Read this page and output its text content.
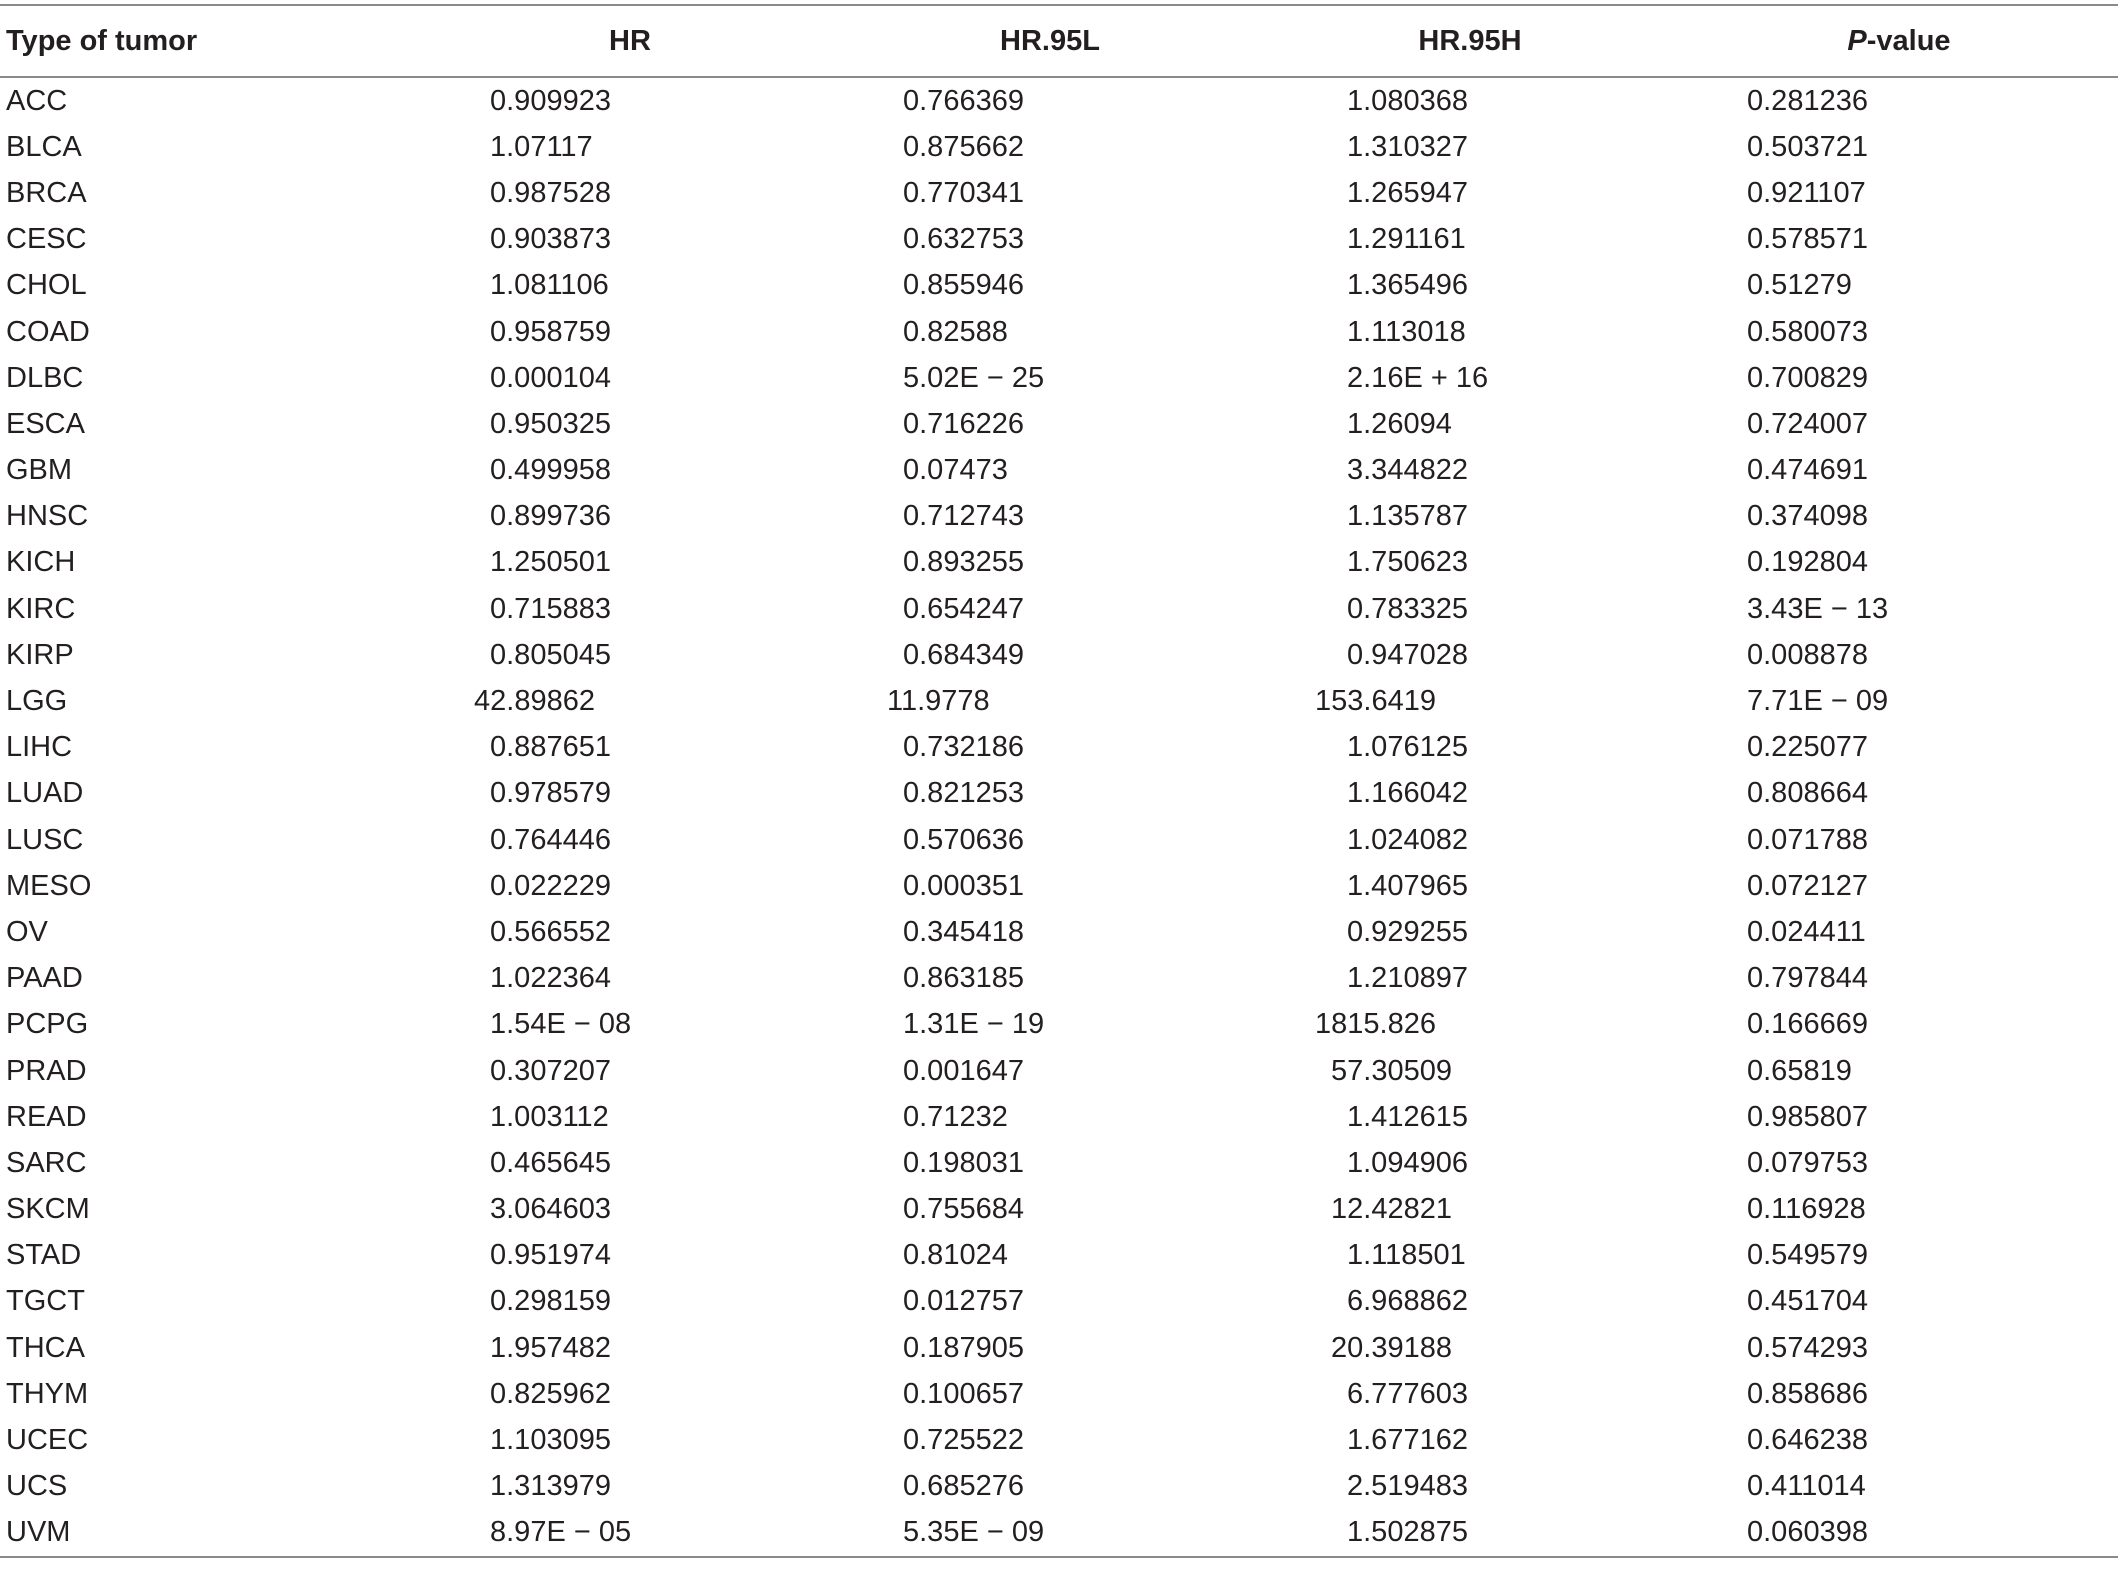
Type of tumor	HR	HR.95L	HR.95H	P-value
ACC	0.909923	0.766369	1.080368	0.281236

BLCA	1.07117	0.875662	1.310327	0.503721

BRCA	0.987528	0.770341	1.265947	0.921107

CESC	0.903873	0.632753	1.291161	0.578571

CHOL	1.081106	0.855946	1.365496	0.51279

COAD	0.958759	0.82588	1.113018	0.580073

DLBC	0.000104	5.02E − 25	2.16E + 16	0.700829

ESCA	0.950325	0.716226	1.26094	0.724007

GBM	0.499958	0.07473	3.344822	0.474691

HNSC	0.899736	0.712743	1.135787	0.374098

KICH	1.250501	0.893255	1.750623	0.192804

KIRC	0.715883	0.654247	0.783325	3.43E − 13

KIRP	0.805045	0.684349	0.947028	0.008878

LGG	42.89862	11.9778	153.6419	7.71E − 09

LIHC	0.887651	0.732186	1.076125	0.225077

LUAD	0.978579	0.821253	1.166042	0.808664

LUSC	0.764446	0.570636	1.024082	0.071788

MESO	0.022229	0.000351	1.407965	0.072127

OV	0.566552	0.345418	0.929255	0.024411

PAAD	1.022364	0.863185	1.210897	0.797844

PCPG	1.54E − 08	1.31E − 19	1815.826	0.166669

PRAD	0.307207	0.001647	57.30509	0.65819

READ	1.003112	0.71232	1.412615	0.985807

SARC	0.465645	0.198031	1.094906	0.079753

SKCM	3.064603	0.755684	12.42821	0.116928

STAD	0.951974	0.81024	1.118501	0.549579

TGCT	0.298159	0.012757	6.968862	0.451704

THCA	1.957482	0.187905	20.39188	0.574293

THYM	0.825962	0.100657	6.777603	0.858686

UCEC	1.103095	0.725522	1.677162	0.646238

UCS	1.313979	0.685276	2.519483	0.411014

UVM	8.97E − 05	5.35E − 09	1.502875	0.060398
